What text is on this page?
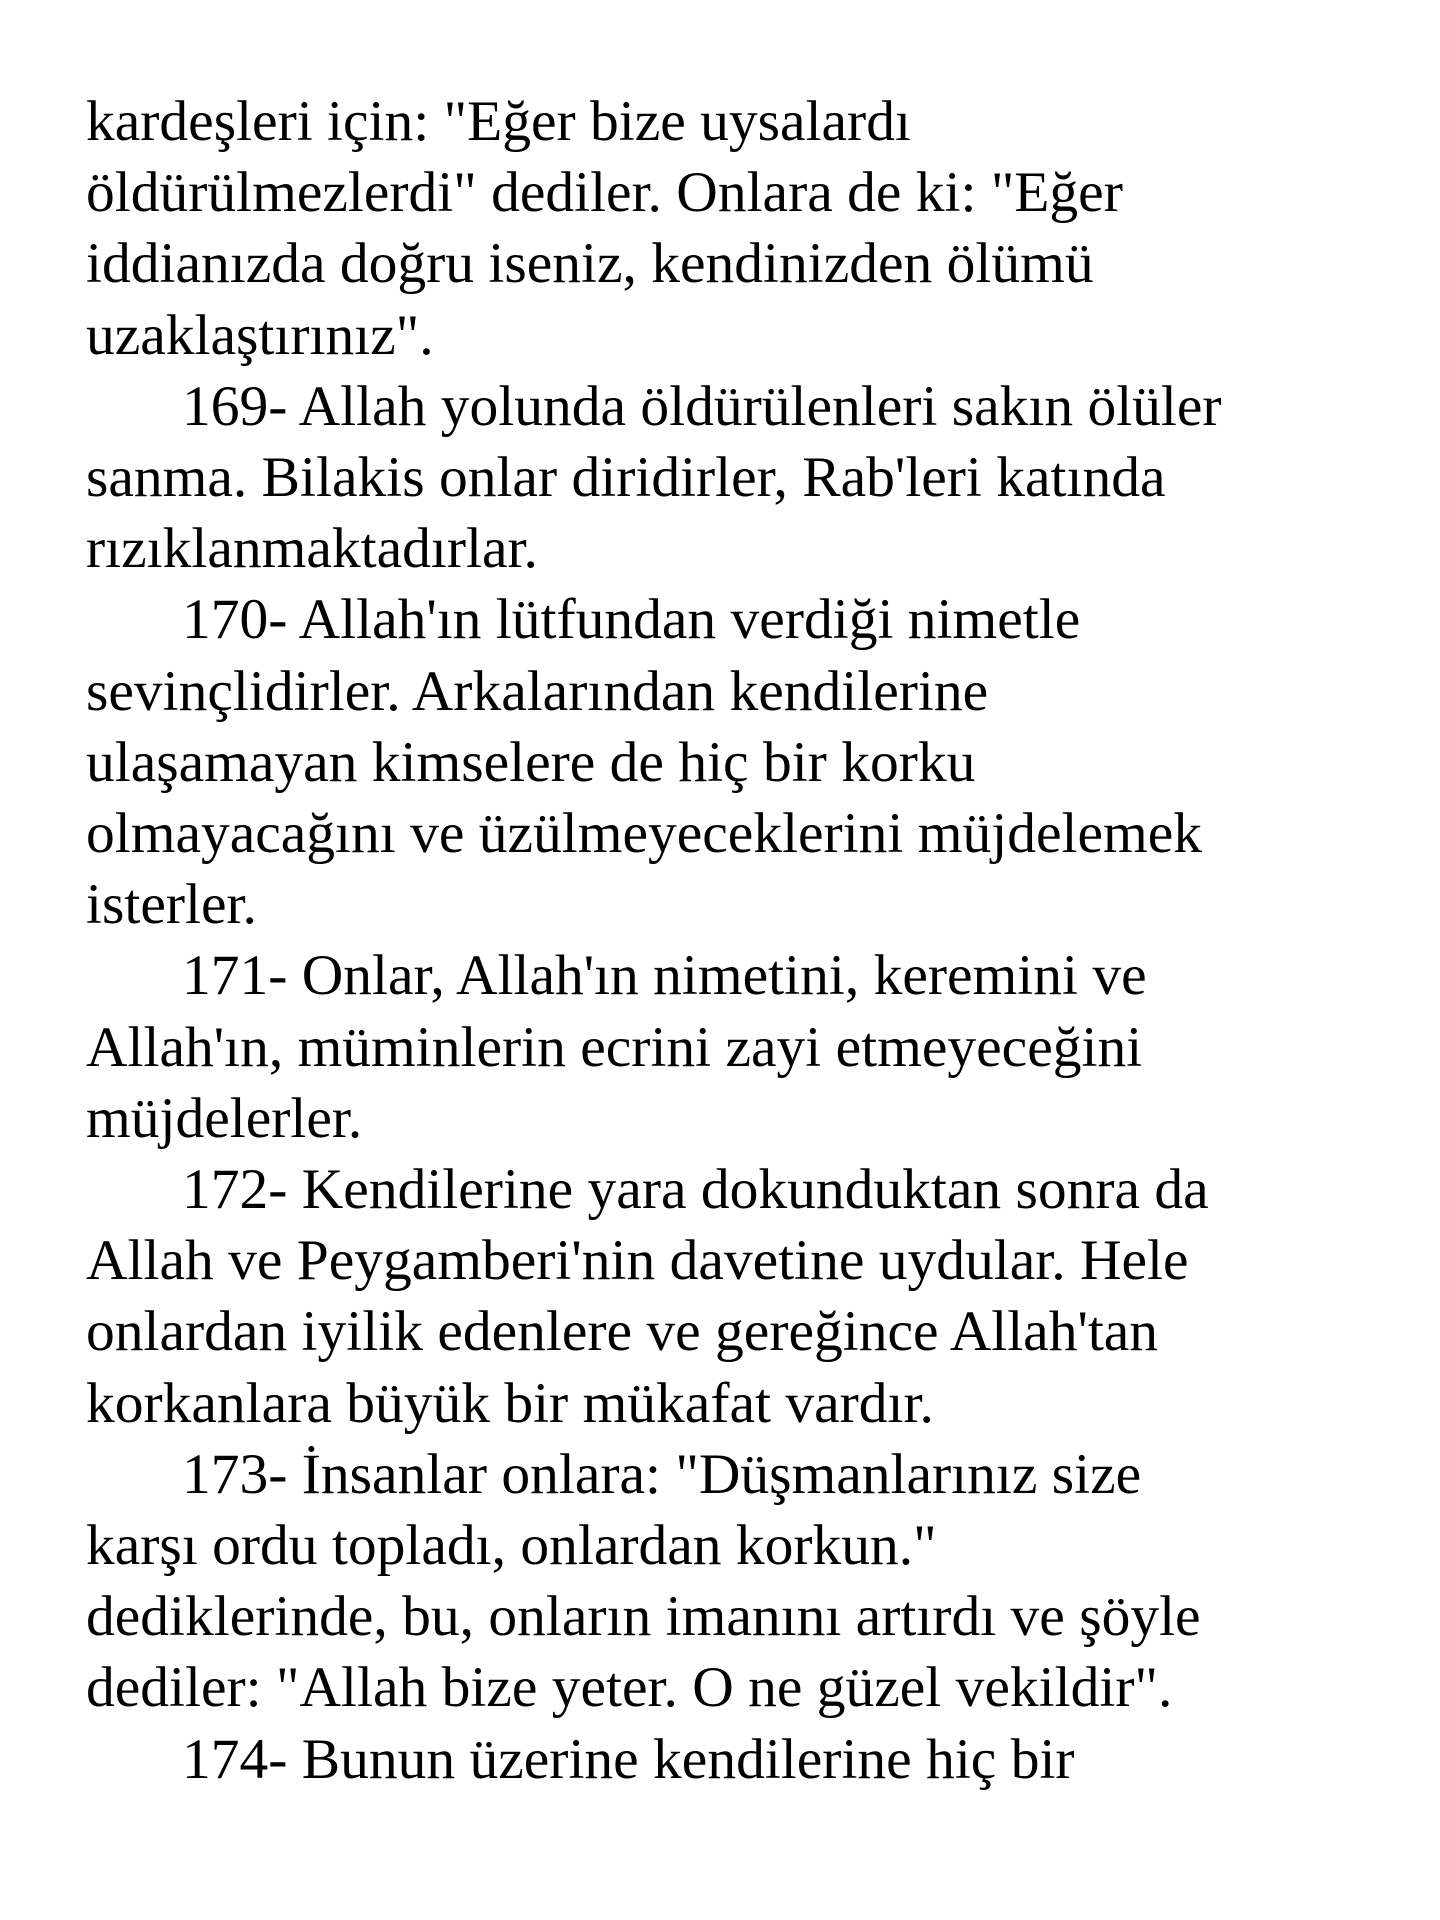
kardeşleri için: "Eğer bize uysalardı
öldürülmezlerdi" dediler. Onlara de ki: "Eğer
iddianızda doğru iseniz, kendinizden ölümü
uzaklaştırınız".
169- Allah yolunda öldürülenleri sakın ölüler
sanma. Bilakis onlar diridirler, Rab'leri katında
rızıklanmaktadırlar.
170- Allah'ın lütfundan verdiği nimetle
sevinçlidirler. Arkalarından kendilerine
ulaşamayan kimselere de hiç bir korku
olmayacağını ve üzülmeyeceklerini müjdelemek
isterler.
171- Onlar, Allah'ın nimetini, keremini ve
Allah'ın, müminlerin ecrini zayi etmeyeceğini
müjdelerler.
172- Kendilerine yara dokunduktan sonra da
Allah ve Peygamberi'nin davetine uydular. Hele
onlardan iyilik edenlere ve gereğince Allah'tan
korkanlara büyük bir mükafat vardır.
173- İnsanlar onlara: "Düşmanlarınız size
karşı ordu topladı, onlardan korkun."
dediklerinde, bu, onların imanını artırdı ve şöyle
dediler: "Allah bize yeter. O ne güzel vekildir".
174- Bunun üzerine kendilerine hiç bir
